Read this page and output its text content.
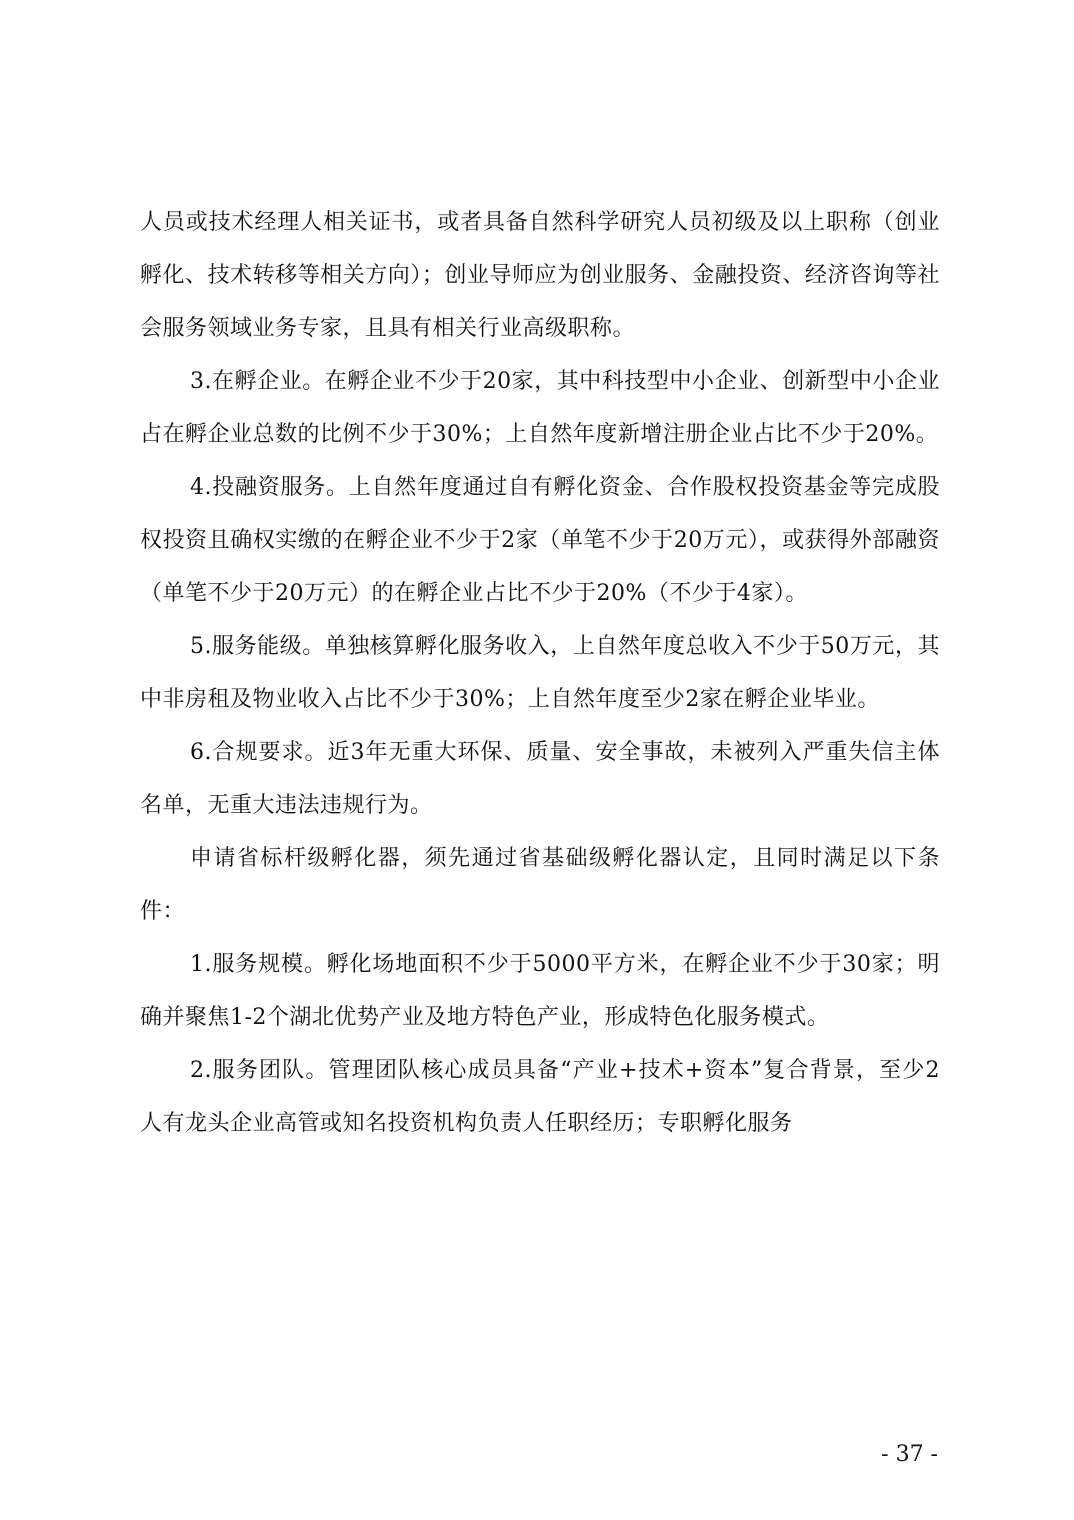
人员或技术经理人相关证书，或者具备自然科学研究人员初级及以上职称（创业孵化、技术转移等相关方向）；创业导师应为创业服务、金融投资、经济咨询等社会服务领域业务专家，且具有相关行业高级职称。

3.在孵企业。在孵企业不少于20家，其中科技型中小企业、创新型中小企业占在孵企业总数的比例不少于30%；上自然年度新增注册企业占比不少于20%。

4.投融资服务。上自然年度通过自有孵化资金、合作股权投资基金等完成股权投资且确权实缴的在孵企业不少于2家（单笔不少于20万元），或获得外部融资（单笔不少于20万元）的在孵企业占比不少于20%（不少于4家）。

5.服务能级。单独核算孵化服务收入，上自然年度总收入不少于50万元，其中非房租及物业收入占比不少于30%；上自然年度至少2家在孵企业毕业。

6.合规要求。近3年无重大环保、质量、安全事故，未被列入严重失信主体名单，无重大违法违规行为。

申请省标杆级孵化器，须先通过省基础级孵化器认定，且同时满足以下条件：

1.服务规模。孵化场地面积不少于5000平方米，在孵企业不少于30家；明确并聚焦1-2个湖北优势产业及地方特色产业，形成特色化服务模式。

2.服务团队。管理团队核心成员具备“产业+技术+资本”复合背景，至少2人有龙头企业高管或知名投资机构负责人任职经历；专职孵化服务

- 37 -
